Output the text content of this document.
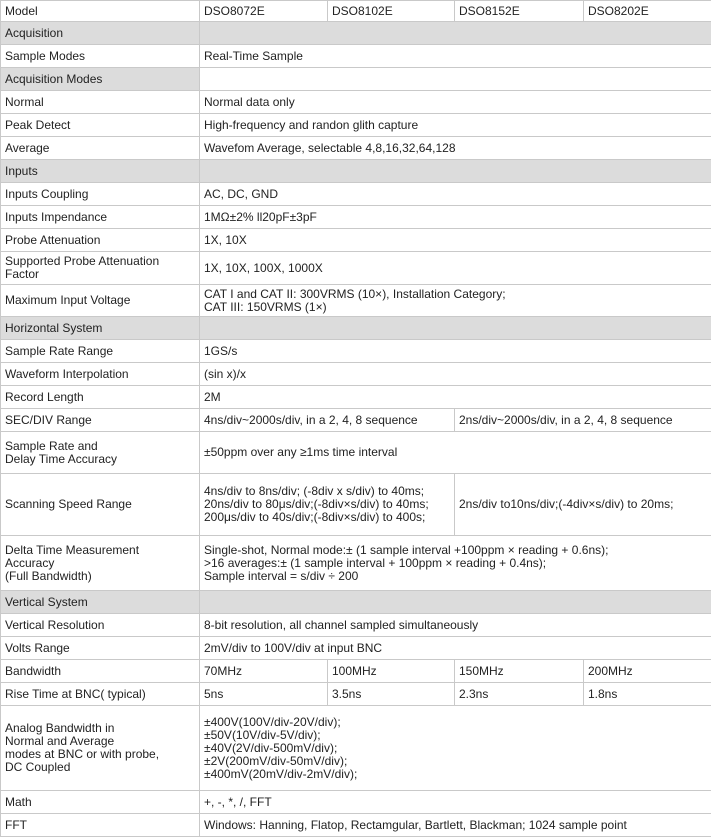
Model	DSO8072E	DSO8102E	DSO8152E	DSO8202E
Acquisition				
Sample Modes	Real-Time Sample			
Acquisition Modes				
Normal	Normal data only			
Peak Detect	High-frequency and randon glith capture			
Average	Wavefom Average, selectable 4,8,16,32,64,128			
Inputs				
Inputs Coupling	AC, DC, GND			
Inputs Impendance	1MΩ±2% ll20pF±3pF			
Probe Attenuation	1X, 10X			
Supported Probe Attenuation
Factor	1X, 10X, 100X, 1000X			
Maximum Input Voltage	CAT I and CAT II: 300VRMS (10×), Installation Category;
CAT III: 150VRMS (1×)			
Horizontal System				
Sample Rate Range	1GS/s			
Waveform Interpolation	(sin x)/x			
Record Length	2M			
SEC/DIV Range	4ns/div~2000s/div, in a 2, 4, 8 sequence		2ns/div~2000s/div, in a 2, 4, 8 sequence	
Sample Rate and
Delay Time Accuracy	±50ppm over any ≥1ms time interval			
Scanning Speed Range	4ns/div to 8ns/div; (-8div x s/div) to 40ms;
20ns/div to 80μs/div;(-8div×s/div) to 40ms;
200μs/div to 40s/div;(-8div×s/div) to 400s;		2ns/div to10ns/div;(-4div×s/div) to 20ms;	
Delta Time Measurement
Accuracy
(Full Bandwidth)	Single-shot, Normal mode:± (1 sample interval +100ppm × reading + 0.6ns);
>16 averages:± (1 sample interval + 100ppm × reading + 0.4ns);
Sample interval = s/div ÷ 200			
Vertical System				
Vertical Resolution	8-bit resolution, all channel sampled simultaneously			
Volts Range	2mV/div to 100V/div at input BNC			
Bandwidth	70MHz	100MHz	150MHz	200MHz
Rise Time at BNC( typical)	5ns	3.5ns	2.3ns	1.8ns
Analog Bandwidth in
Normal and Average
modes at BNC or with probe,
DC Coupled	±400V(100V/div-20V/div);
±50V(10V/div-5V/div);
±40V(2V/div-500mV/div);
±2V(200mV/div-50mV/div);
±400mV(20mV/div-2mV/div);			
Math	+, -, *, /, FFT			
FFT	Windows: Hanning, Flatop, Rectamgular, Bartlett, Blackman; 1024 sample point			
